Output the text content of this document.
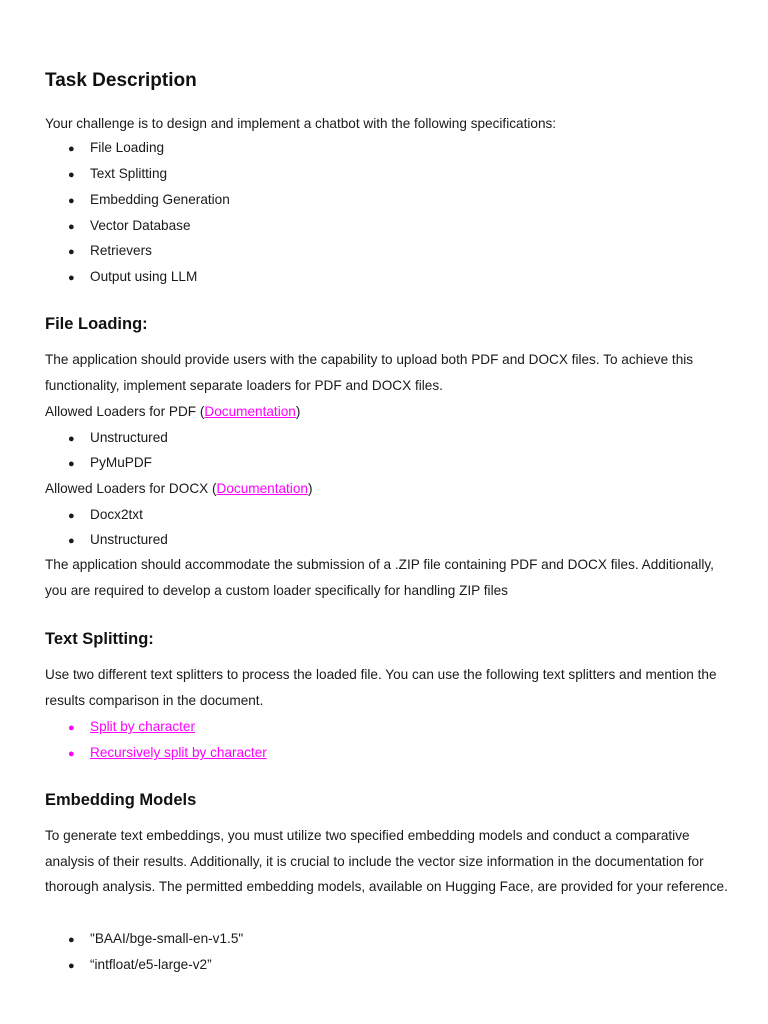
Task Description
Your challenge is to design and implement a chatbot with the following specifications:
● File Loading
● Text Splitting
● Embedding Generation
● Vector Database
● Retrievers
● Output using LLM
File Loading:
The application should provide users with the capability to upload both PDF and DOCX files. To achieve this functionality, implement separate loaders for PDF and DOCX files.
Allowed Loaders for PDF (Documentation)
● Unstructured
● PyMuPDF
Allowed Loaders for DOCX (Documentation)
● Docx2txt
● Unstructured
The application should accommodate the submission of a .ZIP file containing PDF and DOCX files. Additionally, you are required to develop a custom loader specifically for handling ZIP files
Text Splitting:
Use two different text splitters to process the loaded file. You can use the following text splitters and mention the results comparison in the document.
● Split by character
● Recursively split by character
Embedding Models
To generate text embeddings, you must utilize two specified embedding models and conduct a comparative analysis of their results. Additionally, it is crucial to include the vector size information in the documentation for thorough analysis. The permitted embedding models, available on Hugging Face, are provided for your reference.
● "BAAI/bge-small-en-v1.5"
● “intfloat/e5-large-v2”
